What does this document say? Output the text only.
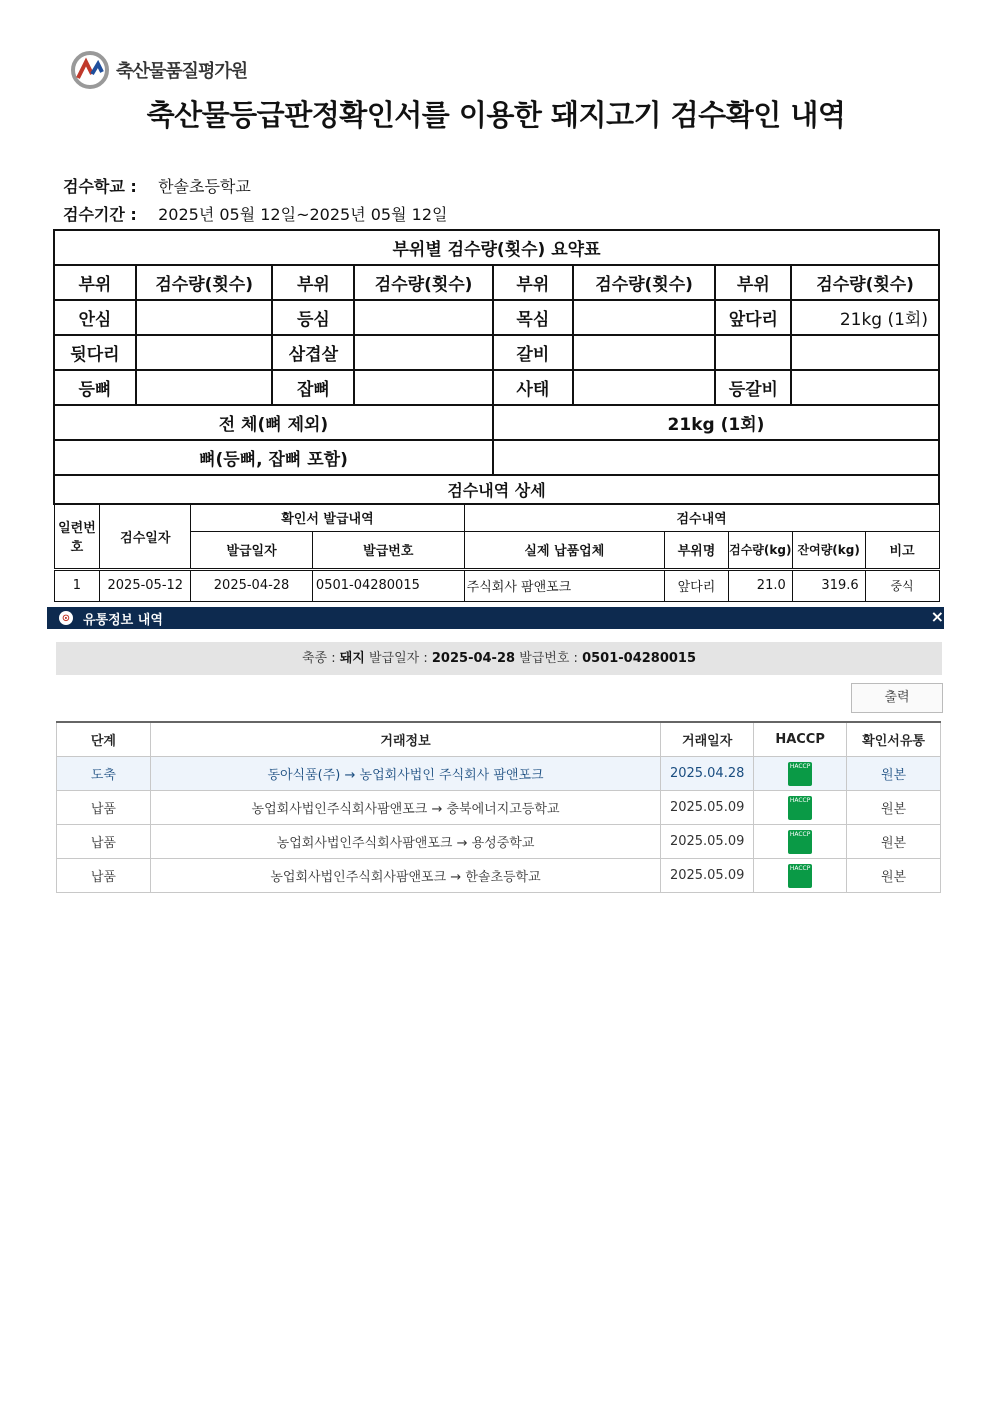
축산물품질평가원
축산물등급판정확인서를 이용한 돼지고기 검수확인 내역
검수학교 : 한솔초등학교
검수기간 : 2025년 05월 12일~2025년 05월 12일
부위별 검수량(횟수) 요약표							
부위	검수량(횟수)	부위	검수량(횟수)	부위	검수량(횟수)	부위	검수량(횟수)
안심		등심		목심		앞다리	21kg (1회)
뒷다리		삼겹살		갈비			
등뼈		잡뼈		사태		등갈비	
전 체(뼈 제외)				21kg (1회)			
뼈(등뼈, 잡뼈 포함)							
검수내역 상세								
일련번호	검수일자	확인서 발급내역		검수내역				
		발급일자	발급번호	실제 납품업체	부위명	검수량(kg)	잔여량(kg)	비고
1	2025-05-12	2025-04-28	0501-04280015	주식회사 팜앤포크	앞다리	21.0	319.6	중식
⊙ 유통정보 내역	×
축종 : 돼지 발급일자 : 2025-04-28 발급번호 : 0501-04280015
출력
단계	거래정보	거래일자	HACCP	확인서유통
도축	동아식품(주) → 농업회사법인 주식회사 팜앤포크	2025.04.28	HACCP	원본
납품	농업회사법인주식회사팜앤포크 → 충북에너지고등학교	2025.05.09	HACCP	원본
납품	농업회사법인주식회사팜앤포크 → 용성중학교	2025.05.09	HACCP	원본
납품	농업회사법인주식회사팜앤포크 → 한솔초등학교	2025.05.09	HACCP	원본
